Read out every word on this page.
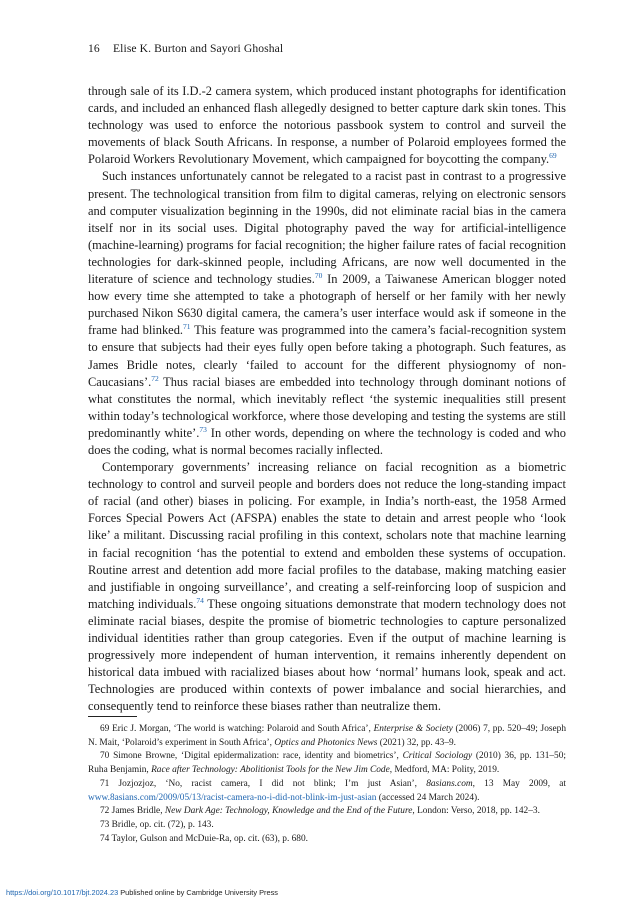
16 Elise K. Burton and Sayori Ghoshal

through sale of its I.D.-2 camera system, which produced instant photographs for identification cards, and included an enhanced flash allegedly designed to better capture dark skin tones. This technology was used to enforce the notorious passbook system to control and surveil the movements of black South Africans. In response, a number of Polaroid employees formed the Polaroid Workers Revolutionary Movement, which campaigned for boycotting the company.$^{69}$

Such instances unfortunately cannot be relegated to a racist past in contrast to a progressive present. The technological transition from film to digital cameras, relying on electronic sensors and computer visualization beginning in the 1990s, did not eliminate racial bias in the camera itself nor in its social uses. Digital photography paved the way for artificial-intelligence (machine-learning) programs for facial recognition; the higher failure rates of facial recognition technologies for dark-skinned people, including Africans, are now well documented in the literature of science and technology studies.$^{70}$ In 2009, a Taiwanese American blogger noted how every time she attempted to take a photograph of herself or her family with her newly purchased Nikon S630 digital camera, the camera’s user interface would ask if someone in the frame had blinked.$^{71}$ This feature was programmed into the camera’s facial-recognition system to ensure that subjects had their eyes fully open before taking a photograph. Such features, as James Bridle notes, clearly ‘failed to account for the different physiognomy of non-Caucasians’.$^{72}$ Thus racial biases are embedded into technology through dominant notions of what constitutes the normal, which inevitably reflect ‘the systemic inequalities still present within today’s technological workforce, where those developing and testing the systems are still predominantly white’.$^{73}$ In other words, depending on where the technology is coded and who does the coding, what is normal becomes racially inflected.

Contemporary governments’ increasing reliance on facial recognition as a biometric technology to control and surveil people and borders does not reduce the long-standing impact of racial (and other) biases in policing. For example, in India’s north-east, the 1958 Armed Forces Special Powers Act (AFSPA) enables the state to detain and arrest people who ‘look like’ a militant. Discussing racial profiling in this context, scholars note that machine learning in facial recognition ‘has the potential to extend and embolden these systems of occupation. Routine arrest and detention add more facial profiles to the database, making matching easier and justifiable in ongoing surveillance’, and creating a self-reinforcing loop of suspicion and matching individuals.$^{74}$ These ongoing situations demonstrate that modern technology does not eliminate racial biases, despite the promise of biometric technologies to capture personalized individual identities rather than group categories. Even if the output of machine learning is progressively more independent of human intervention, it remains inherently dependent on historical data imbued with racialized biases about how ‘normal’ humans look, speak and act. Technologies are produced within contexts of power imbalance and social hierarchies, and consequently tend to reinforce these biases rather than neutralize them.

69 Eric J. Morgan, ‘The world is watching: Polaroid and South Africa’, Enterprise & Society (2006) 7, pp. 520–49; Joseph N. Mait, ‘Polaroid’s experiment in South Africa’, Optics and Photonics News (2021) 32, pp. 43–9.

70 Simone Browne, ‘Digital epidermalization: race, identity and biometrics’, Critical Sociology (2010) 36, pp. 131–50; Ruha Benjamin, Race after Technology: Abolitionist Tools for the New Jim Code, Medford, MA: Polity, 2019.

71 Jozjozjoz, ‘No, racist camera, I did not blink; I’m just Asian’, 8asians.com, 13 May 2009, at www.8asians.com/2009/05/13/racist-camera-no-i-did-not-blink-im-just-asian (accessed 24 March 2024).

72 James Bridle, New Dark Age: Technology, Knowledge and the End of the Future, London: Verso, 2018, pp. 142–3.

73 Bridle, op. cit. (72), p. 143.

74 Taylor, Gulson and McDuie-Ra, op. cit. (63), p. 680.

https://doi.org/10.1017/bjt.2024.23 Published online by Cambridge University Press
